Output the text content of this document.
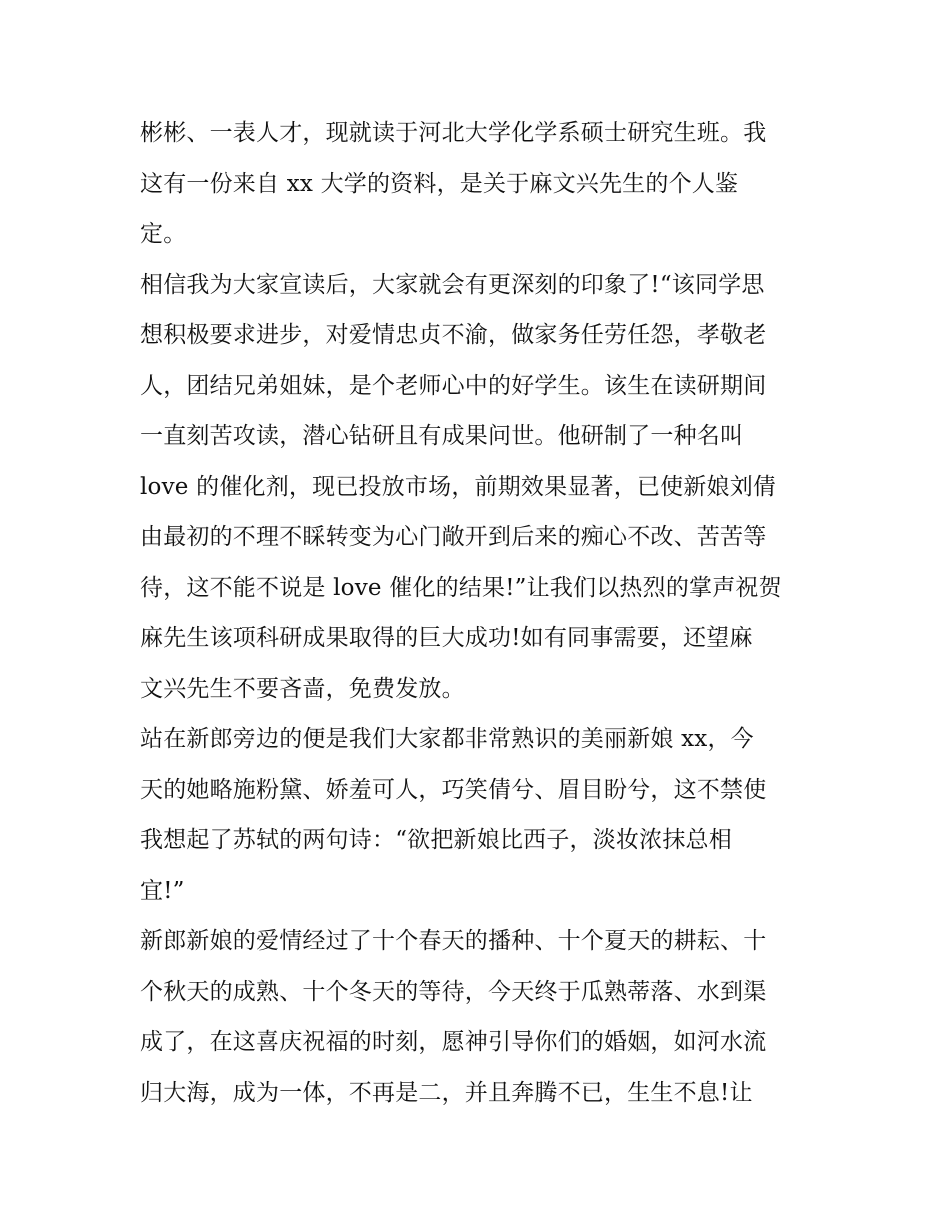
彬彬、一表人才，现就读于河北大学化学系硕士研究生班。我
这有一份来自 xx 大学的资料，是关于麻文兴先生的个人鉴
定。
相信我为大家宣读后，大家就会有更深刻的印象了!“该同学思
想积极要求进步，对爱情忠贞不渝，做家务任劳任怨，孝敬老
人，团结兄弟姐妹，是个老师心中的好学生。该生在读研期间
一直刻苦攻读，潜心钻研且有成果问世。他研制了一种名叫
love 的催化剂，现已投放市场，前期效果显著，已使新娘刘倩
由最初的不理不睬转变为心门敞开到后来的痴心不改、苦苦等
待，这不能不说是 love 催化的结果!”让我们以热烈的掌声祝贺
麻先生该项科研成果取得的巨大成功!如有同事需要，还望麻
文兴先生不要吝啬，免费发放。
站在新郎旁边的便是我们大家都非常熟识的美丽新娘 xx，今
天的她略施粉黛、娇羞可人，巧笑倩兮、眉目盼兮，这不禁使
我想起了苏轼的两句诗：“欲把新娘比西子，淡妆浓抹总相
宜!”
新郎新娘的爱情经过了十个春天的播种、十个夏天的耕耘、十
个秋天的成熟、十个冬天的等待，今天终于瓜熟蒂落、水到渠
成了，在这喜庆祝福的时刻，愿神引导你们的婚姻，如河水流
归大海，成为一体，不再是二，并且奔腾不已，生生不息!让
